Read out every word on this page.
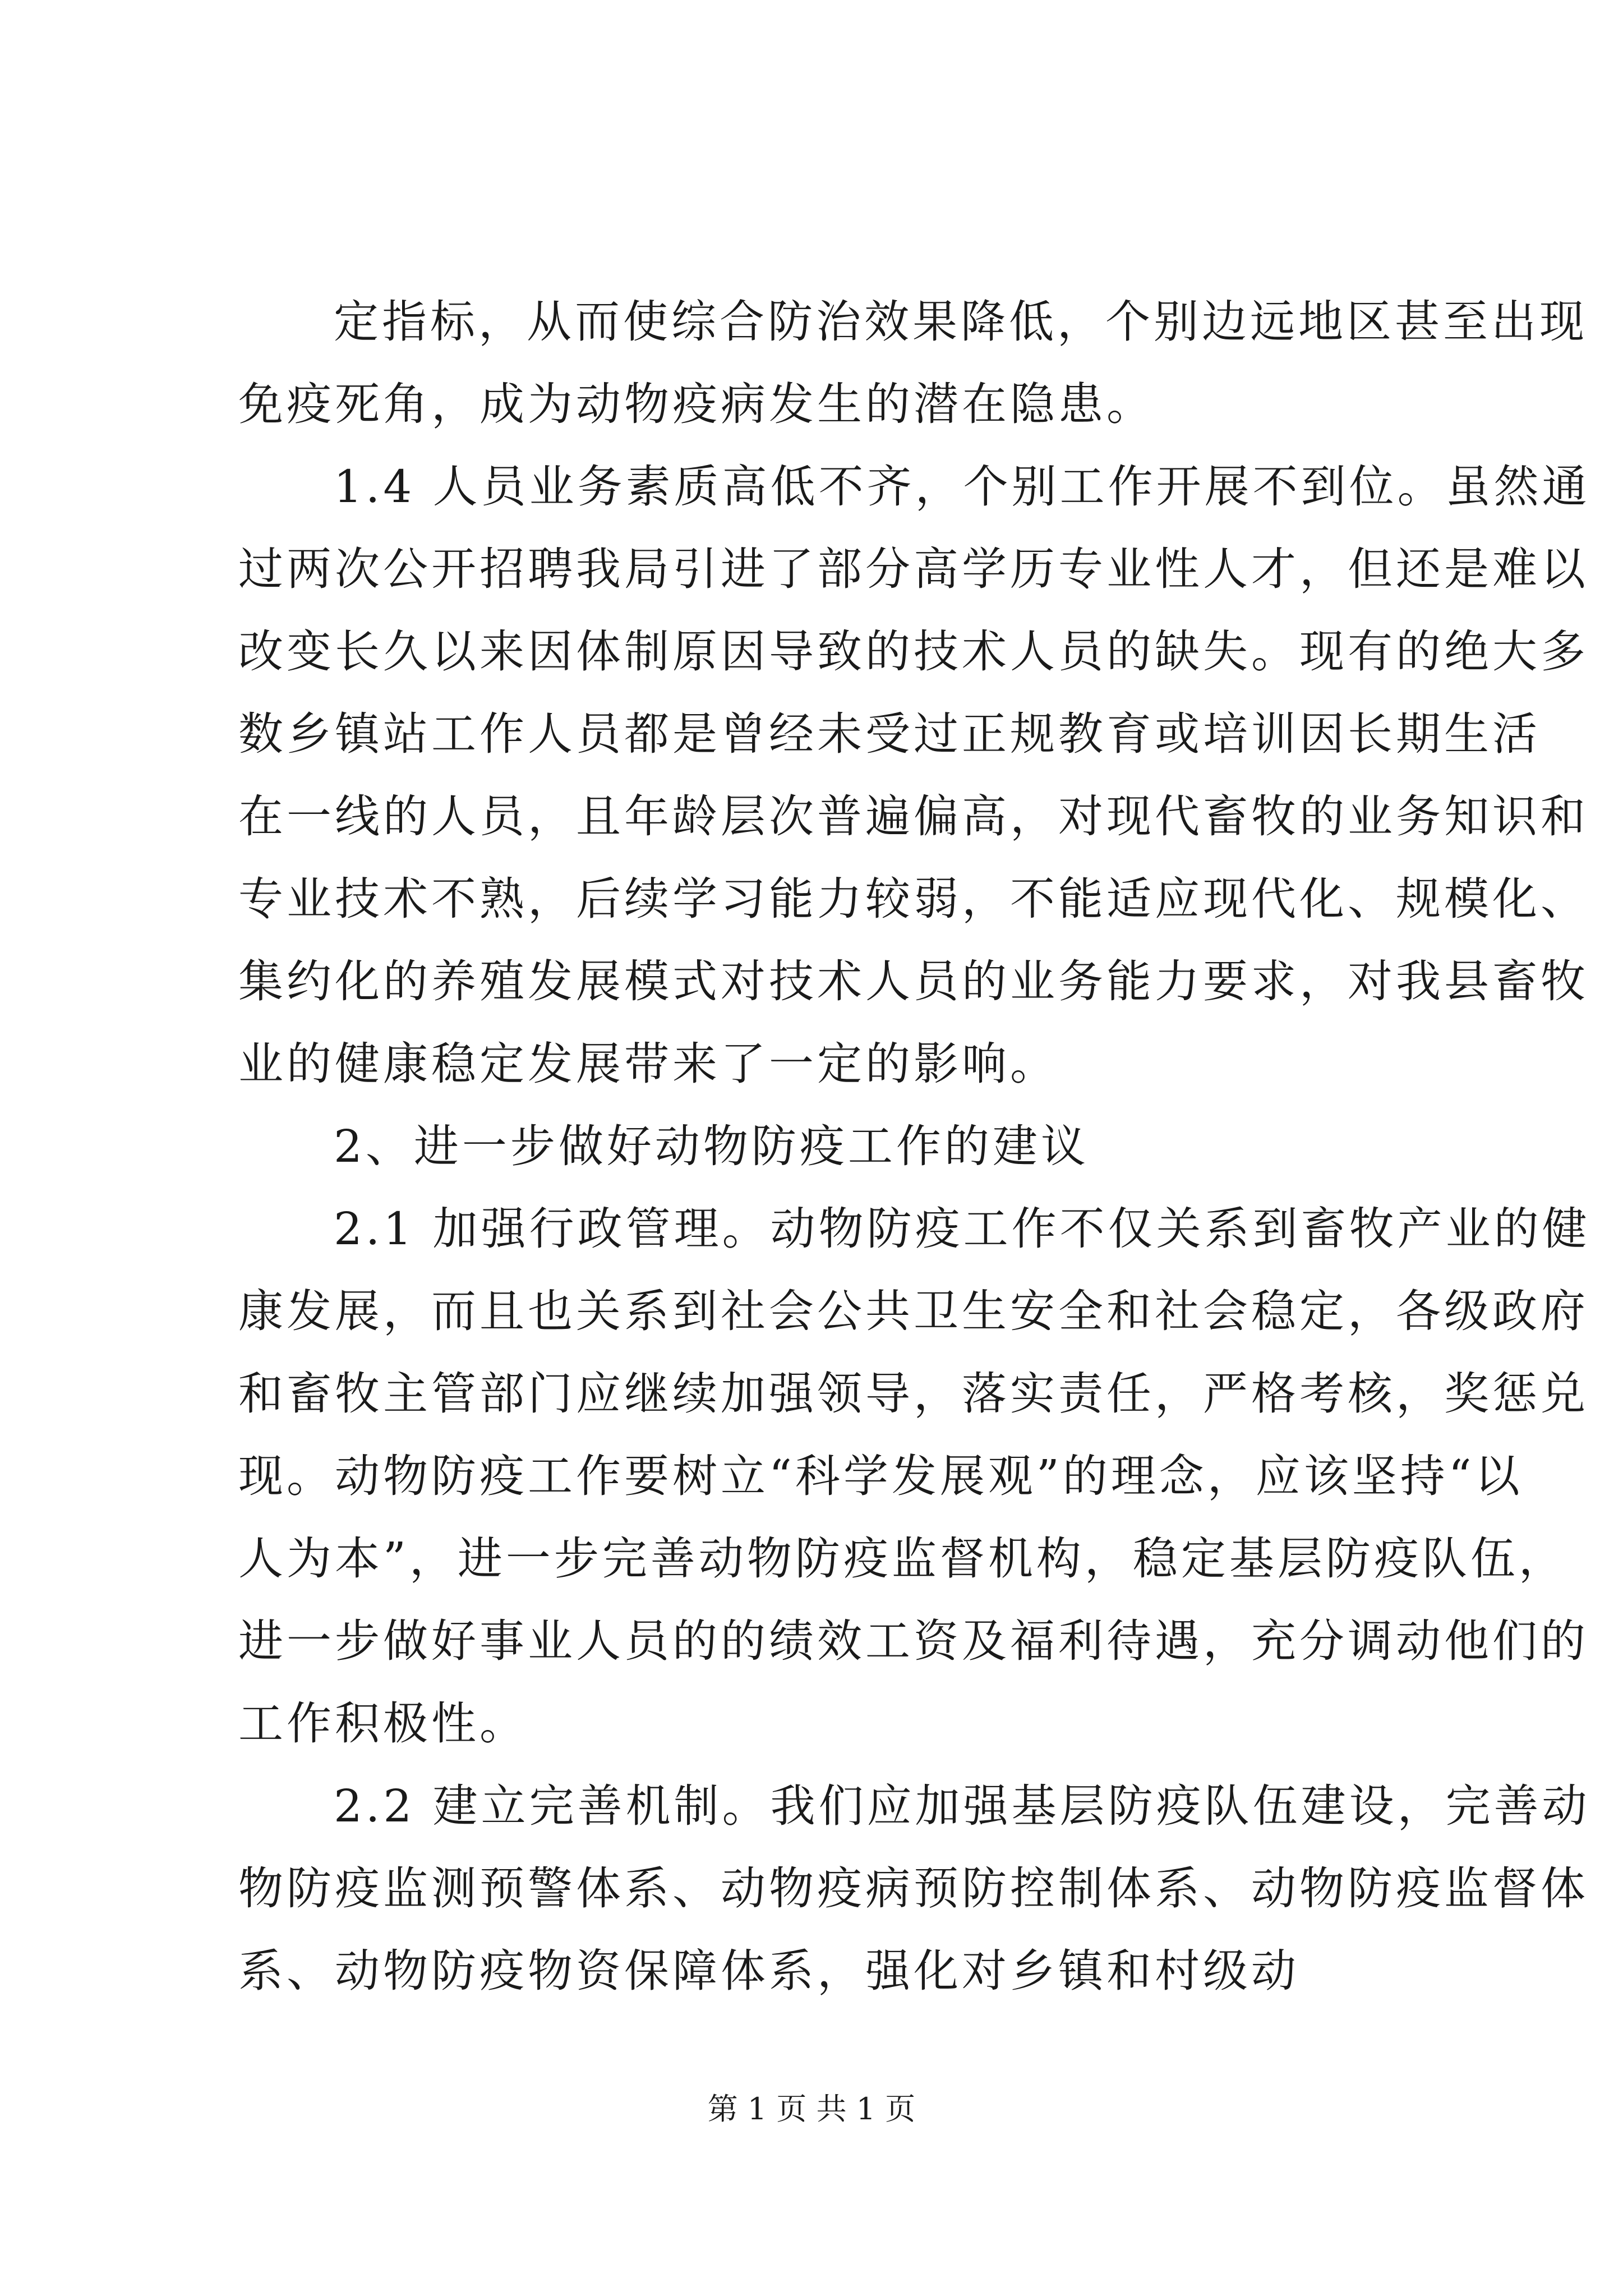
定指标，从而使综合防治效果降低，个别边远地区甚至出现
免疫死角，成为动物疫病发生的潜在隐患。
1.4 人员业务素质高低不齐，个别工作开展不到位。虽然通
过两次公开招聘我局引进了部分高学历专业性人才，但还是难以
改变长久以来因体制原因导致的技术人员的缺失。现有的绝大多
数乡镇站工作人员都是曾经未受过正规教育或培训因长期生活
在一线的人员，且年龄层次普遍偏高，对现代畜牧的业务知识和
专业技术不熟，后续学习能力较弱，不能适应现代化、规模化、
集约化的养殖发展模式对技术人员的业务能力要求，对我县畜牧
业的健康稳定发展带来了一定的影响。
2、进一步做好动物防疫工作的建议
2.1 加强行政管理。动物防疫工作不仅关系到畜牧产业的健
康发展，而且也关系到社会公共卫生安全和社会稳定，各级政府
和畜牧主管部门应继续加强领导，落实责任，严格考核，奖惩兑
现。动物防疫工作要树立“科学发展观”的理念，应该坚持“以
人为本”，进一步完善动物防疫监督机构，稳定基层防疫队伍，
进一步做好事业人员的的绩效工资及福利待遇，充分调动他们的
工作积极性。
2.2 建立完善机制。我们应加强基层防疫队伍建设，完善动
物防疫监测预警体系、动物疫病预防控制体系、动物防疫监督体
系、动物防疫物资保障体系，强化对乡镇和村级动
第 1 页 共 1 页
